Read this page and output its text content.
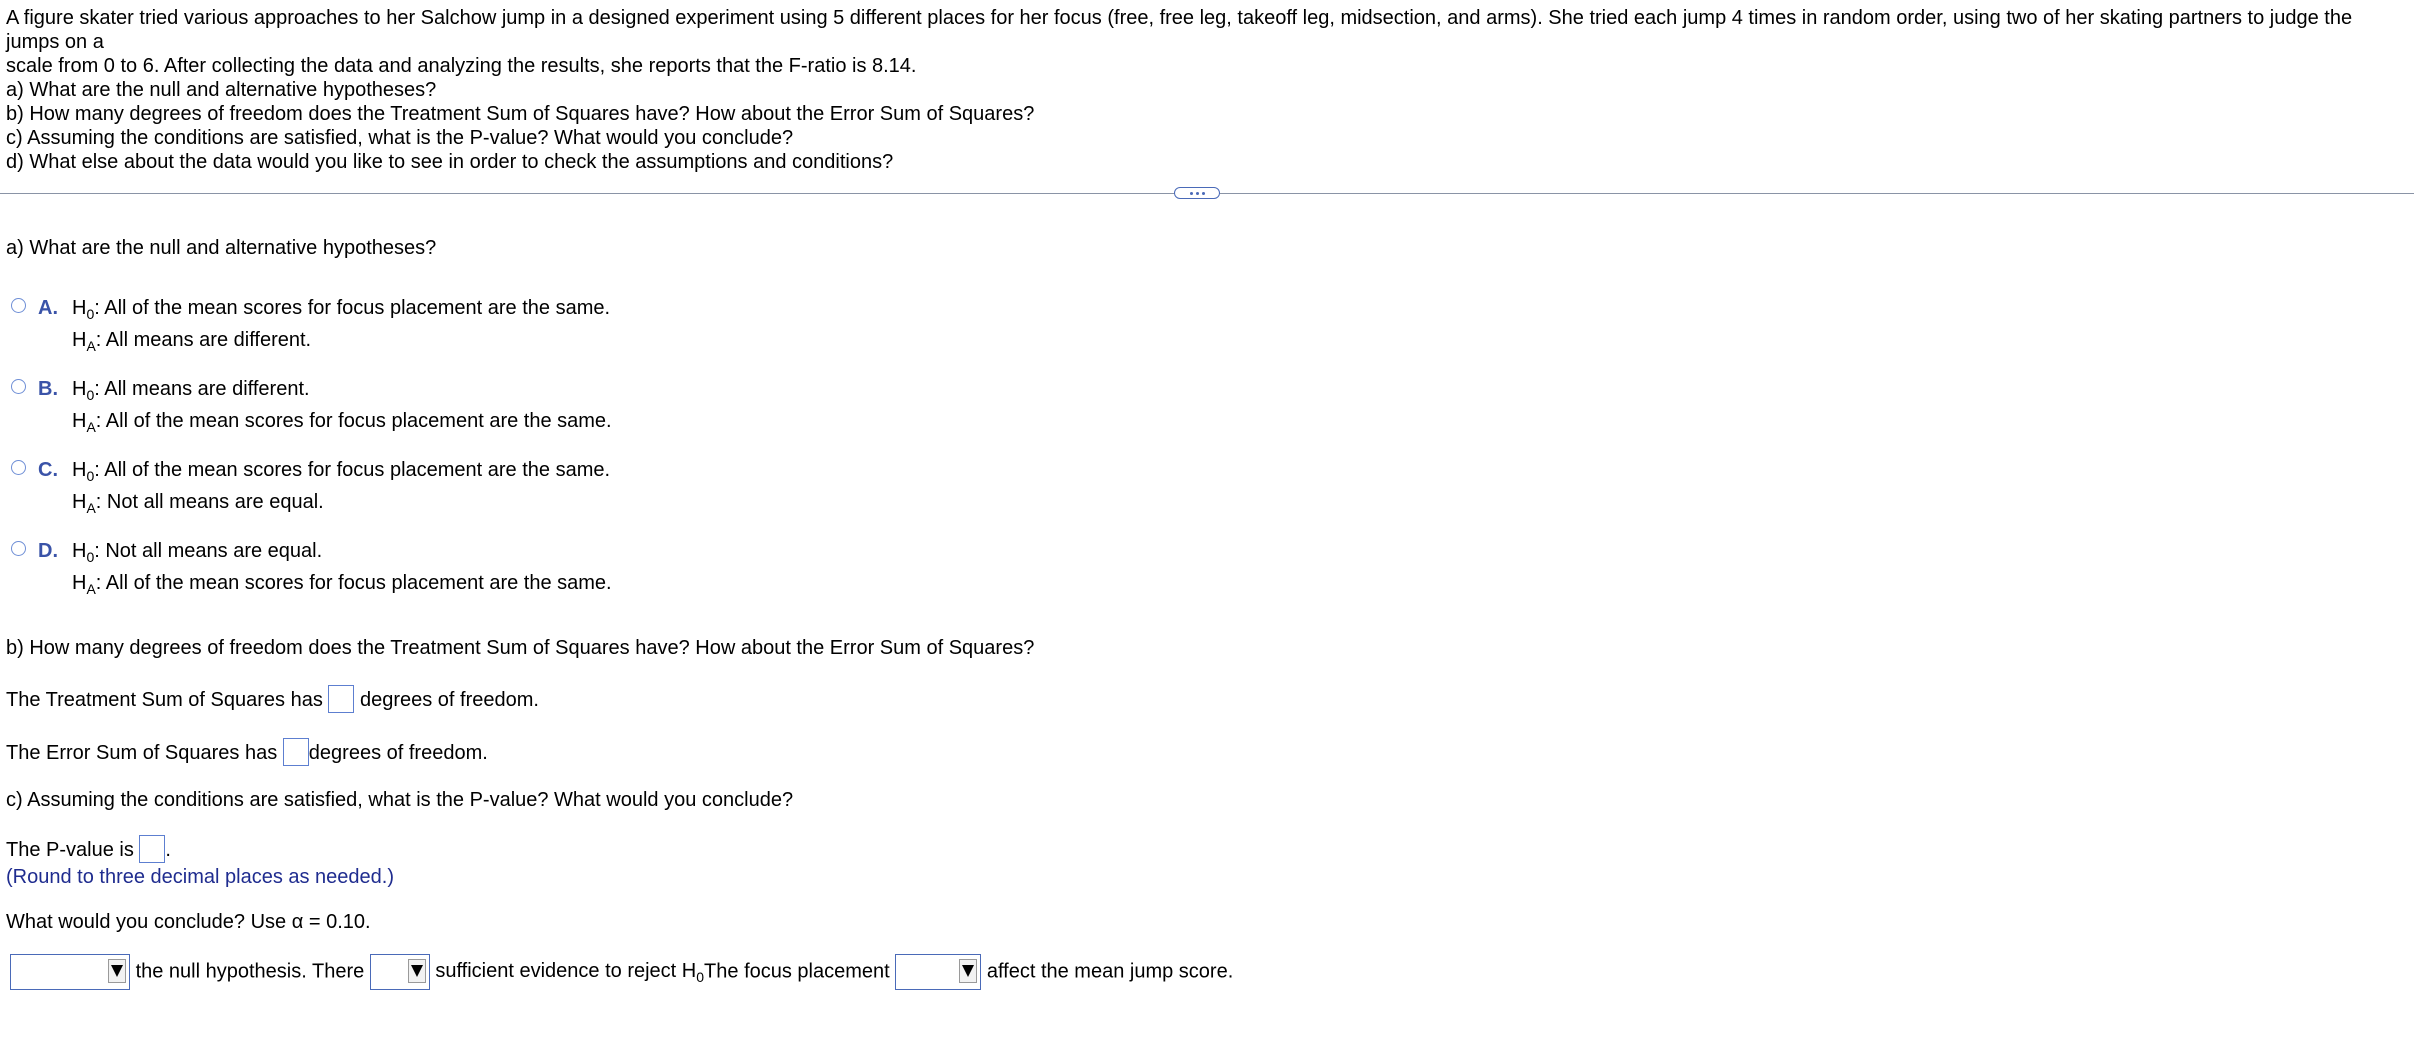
A figure skater tried various approaches to her Salchow jump in a designed experiment using 5 different places for her focus (free, free leg, takeoff leg, midsection, and arms). She tried each jump 4 times in random order, using two of her skating partners to judge the jumps on a

scale from 0 to 6. After collecting the data and analyzing the results, she reports that the F-ratio is 8.14.

a) What are the null and alternative hypotheses?

b) How many degrees of freedom does the Treatment Sum of Squares have? How about the Error Sum of Squares?

c) Assuming the conditions are satisfied, what is the P-value? What would you conclude?

d) What else about the data would you like to see in order to check the assumptions and conditions?

a) What are the null and alternative hypotheses?
A. $H_0$: All of the mean scores for focus placement are the same.
$H_A$: All means are different.
B. $H_0$: All means are different.
$H_A$: All of the mean scores for focus placement are the same.
C. $H_0$: All of the mean scores for focus placement are the same.
$H_A$: Not all means are equal.
D. $H_0$: Not all means are equal.
$H_A$: All of the mean scores for focus placement are the same.
b) How many degrees of freedom does the Treatment Sum of Squares have? How about the Error Sum of Squares?
The Treatment Sum of Squares has degrees of freedom.
The Error Sum of Squares has degrees of freedom.
c) Assuming the conditions are satisfied, what is the P-value? What would you conclude?
The P-value is .
(Round to three decimal places as needed.)
What would you conclude? Use α = 0.10.
the null hypothesis. There	sufficient evidence to reject $H_0The$ focus placement	affect the mean jump score.
